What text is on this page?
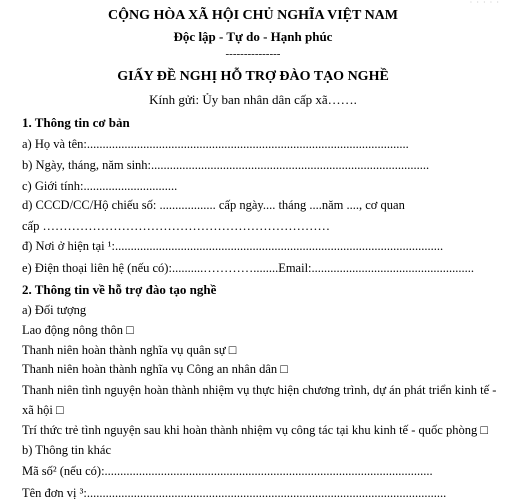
· · · · ·
CỘNG HÒA XÃ HỘI CHỦ NGHĨA VIỆT NAM
Độc lập - Tự do - Hạnh phúc
---------------
GIẤY ĐỀ NGHỊ HỖ TRỢ ĐÀO TẠO NGHỀ
Kính gửi: Ủy ban nhân dân cấp xã…….
1. Thông tin cơ bản
a) Họ và tên:.......................................................................................................
b) Ngày, tháng, năm sinh:.........................................................................................
c) Giới tính:..............................
d) CCCD/CC/Hộ chiếu số: .................. cấp ngày.... tháng ....năm ...., cơ quan
cấp ……………………………………………………………
đ) Nơi ở hiện tại ¹:.........................................................................................................
e) Điện thoại liên hệ (nếu có):..........…………........Email:....................................................
2. Thông tin về hỗ trợ đào tạo nghề
a) Đối tượng
Lao động nông thôn □
Thanh niên hoàn thành nghĩa vụ quân sự □
Thanh niên hoàn thành nghĩa vụ Công an nhân dân □
Thanh niên tình nguyện hoàn thành nhiệm vụ thực hiện chương trình, dự án phát triển kinh tế -
xã hội □
Trí thức trẻ tình nguyện sau khi hoàn thành nhiệm vụ công tác tại khu kinh tế - quốc phòng □
b) Thông tin khác
Mã số² (nếu có):.........................................................................................................
Tên đơn vị ³:...................................................................................................................
